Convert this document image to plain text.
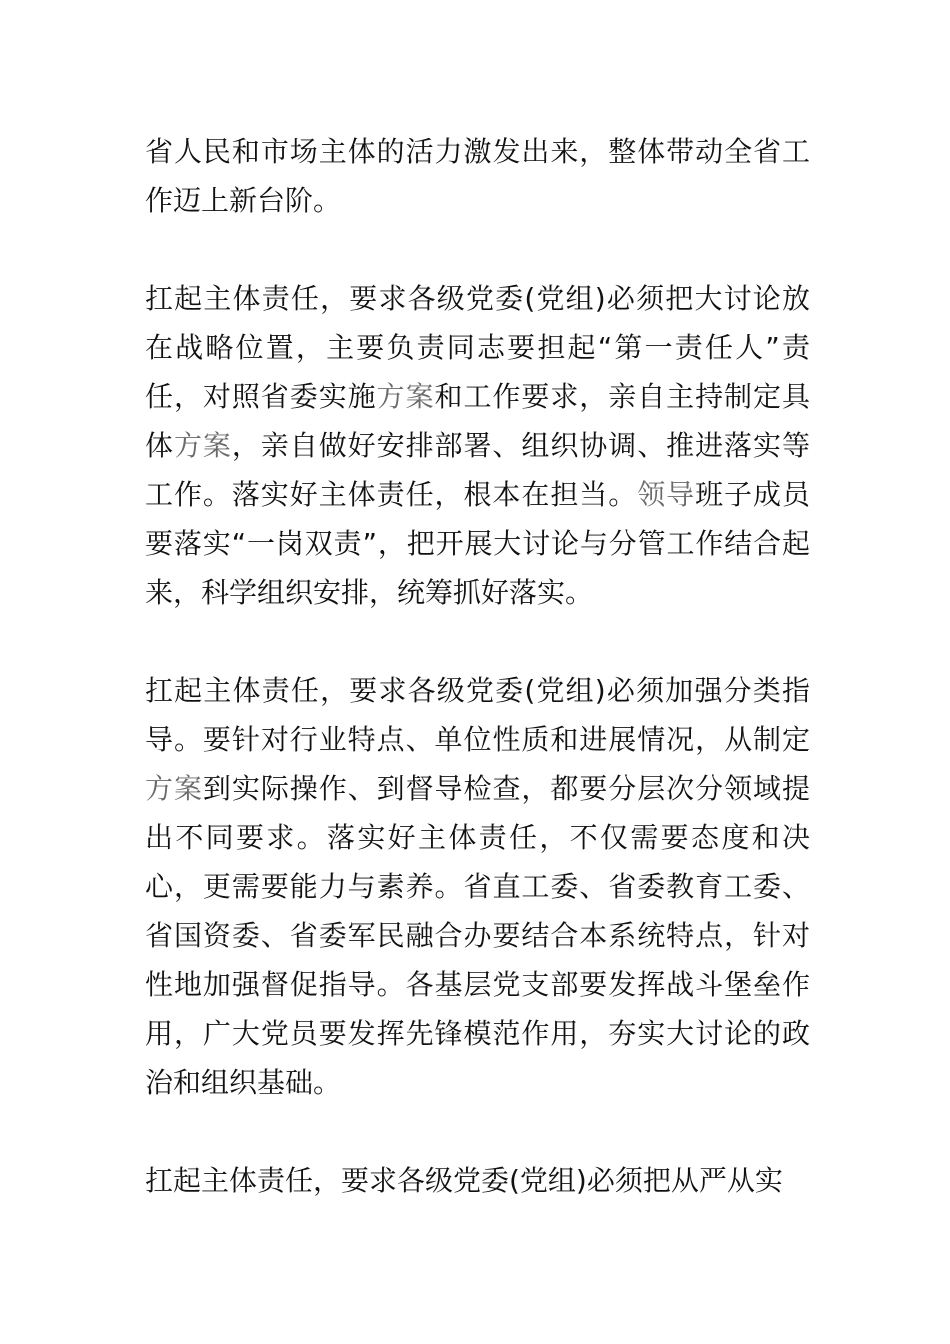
省人民和市场主体的活力激发出来，整体带动全省工作迈上新台阶。

扛起主体责任，要求各级党委(党组)必须把大讨论放在战略位置，主要负责同志要担起“第一责任人”责任，对照省委实施方案和工作要求，亲自主持制定具体方案，亲自做好安排部署、组织协调、推进落实等工作。落实好主体责任，根本在担当。领导班子成员要落实“一岗双责”，把开展大讨论与分管工作结合起来，科学组织安排，统筹抓好落实。

扛起主体责任，要求各级党委(党组)必须加强分类指导。要针对行业特点、单位性质和进展情况，从制定方案到实际操作、到督导检查，都要分层次分领域提出不同要求。落实好主体责任，不仅需要态度和决心，更需要能力与素养。省直工委、省委教育工委、省国资委、省委军民融合办要结合本系统特点，针对性地加强督促指导。各基层党支部要发挥战斗堡垒作用，广大党员要发挥先锋模范作用，夯实大讨论的政治和组织基础。

扛起主体责任，要求各级党委(党组)必须把从严从实
